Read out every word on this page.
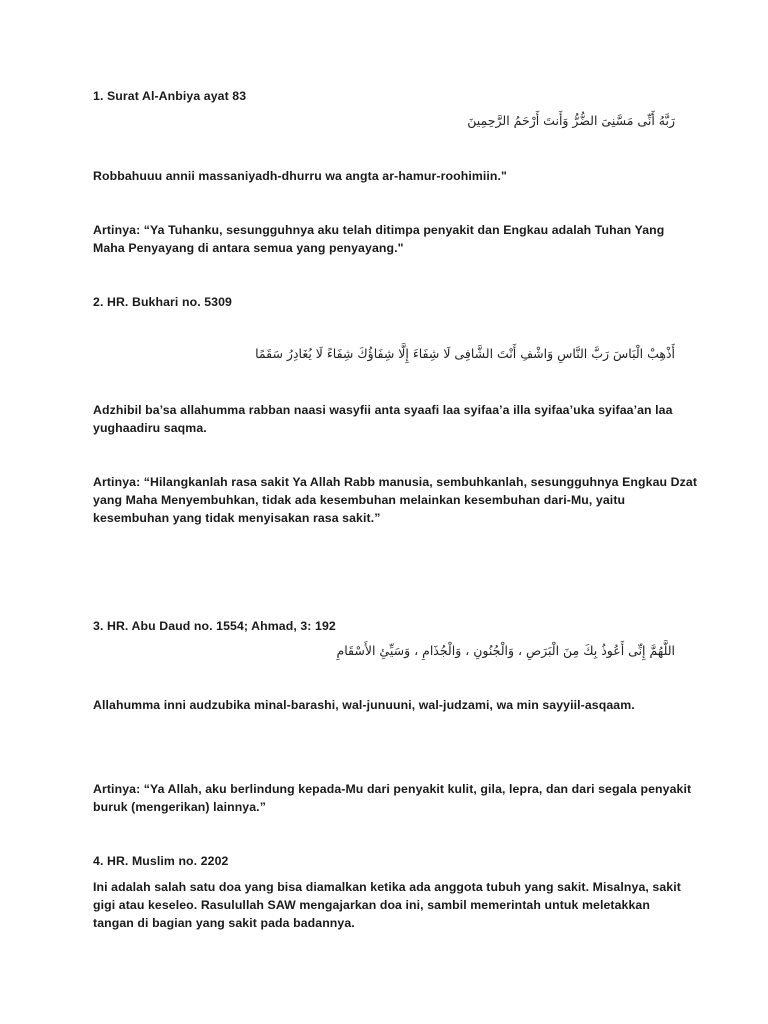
1. Surat Al-Anbiya ayat 83
رَبَّهُ أَنِّى مَسَّنِىَ الضُّرُّ وَأَنتَ أَرْحَمُ الرَّحِمِينَ
Robbahuuu annii massaniyadh-dhurru wa angta ar-hamur-roohimiin."
Artinya: “Ya Tuhanku, sesungguhnya aku telah ditimpa penyakit dan Engkau adalah Tuhan Yang
Maha Penyayang di antara semua yang penyayang."
2. HR. Bukhari no. 5309
أَذْهِبْ الْبَاسَ رَبَّ النَّاسِ وَاشْفِ أَنْتَ الشَّافِى لَا شِفَاءَ إِلَّا شِفَاؤُكَ شِفَاءً لَا يُغَادِرُ سَقَمًا
Adzhibil ba’sa allahumma rabban naasi wasyfii anta syaafi laa syifaa’a illa syifaa’uka syifaa’an laa
yughaadiru saqma.
Artinya: “Hilangkanlah rasa sakit Ya Allah Rabb manusia, sembuhkanlah, sesungguhnya Engkau Dzat
yang Maha Menyembuhkan, tidak ada kesembuhan melainkan kesembuhan dari-Mu, yaitu
kesembuhan yang tidak menyisakan rasa sakit.”
3. HR. Abu Daud no. 1554; Ahmad, 3: 192
اللَّهُمَّ إِنِّى أَعُوذُ بِكَ مِنَ الْبَرَصِ ، وَالْجُنُونِ ، وَالْجُذَامِ ، وَسَيِّئِ الأَسْقَامِ
Allahumma inni audzubika minal-barashi, wal-junuuni, wal-judzami, wa min sayyiil-asqaam.
Artinya: “Ya Allah, aku berlindung kepada-Mu dari penyakit kulit, gila, lepra, dan dari segala penyakit
buruk (mengerikan) lainnya.”
4. HR. Muslim no. 2202
Ini adalah salah satu doa yang bisa diamalkan ketika ada anggota tubuh yang sakit. Misalnya, sakit
gigi atau keseleo. Rasulullah SAW mengajarkan doa ini, sambil memerintah untuk meletakkan
tangan di bagian yang sakit pada badannya.
